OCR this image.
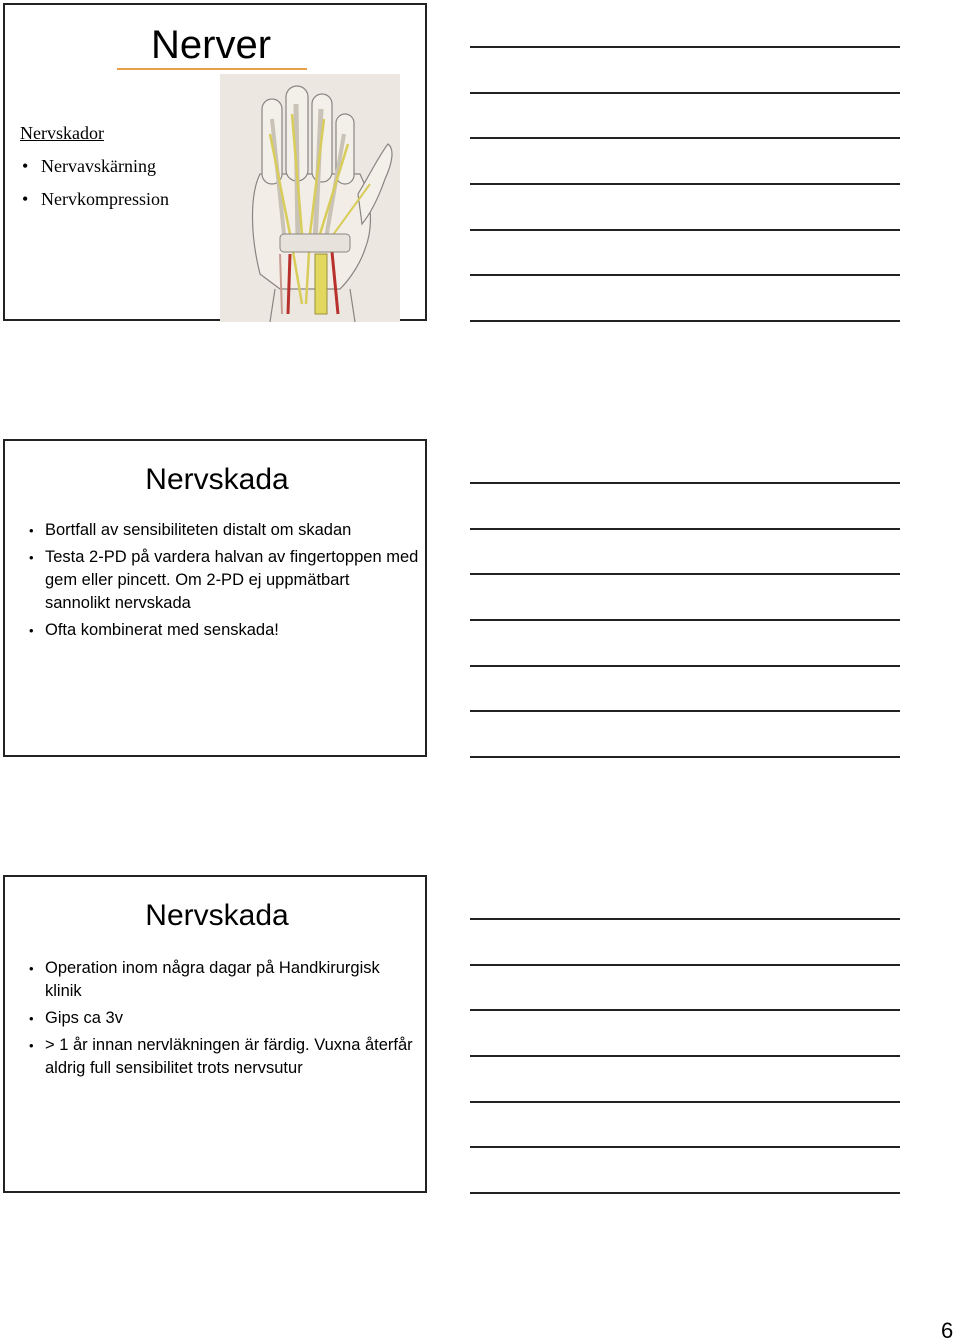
Nerver
Nervskador
• Nervavskärning
• Nervkompression
Nervskada
• Bortfall av sensibiliteten distalt om skadan
• Testa 2-PD på vardera halvan av fingertoppen med gem eller pincett. Om 2-PD ej uppmätbart sannolikt nervskada
• Ofta kombinerat med senskada!
Nervskada
• Operation inom några dagar på Handkirurgisk klinik
• Gips ca 3v
• > 1 år innan nervläkningen är färdig. Vuxna återfår aldrig full sensibilitet trots nervsutur
6
